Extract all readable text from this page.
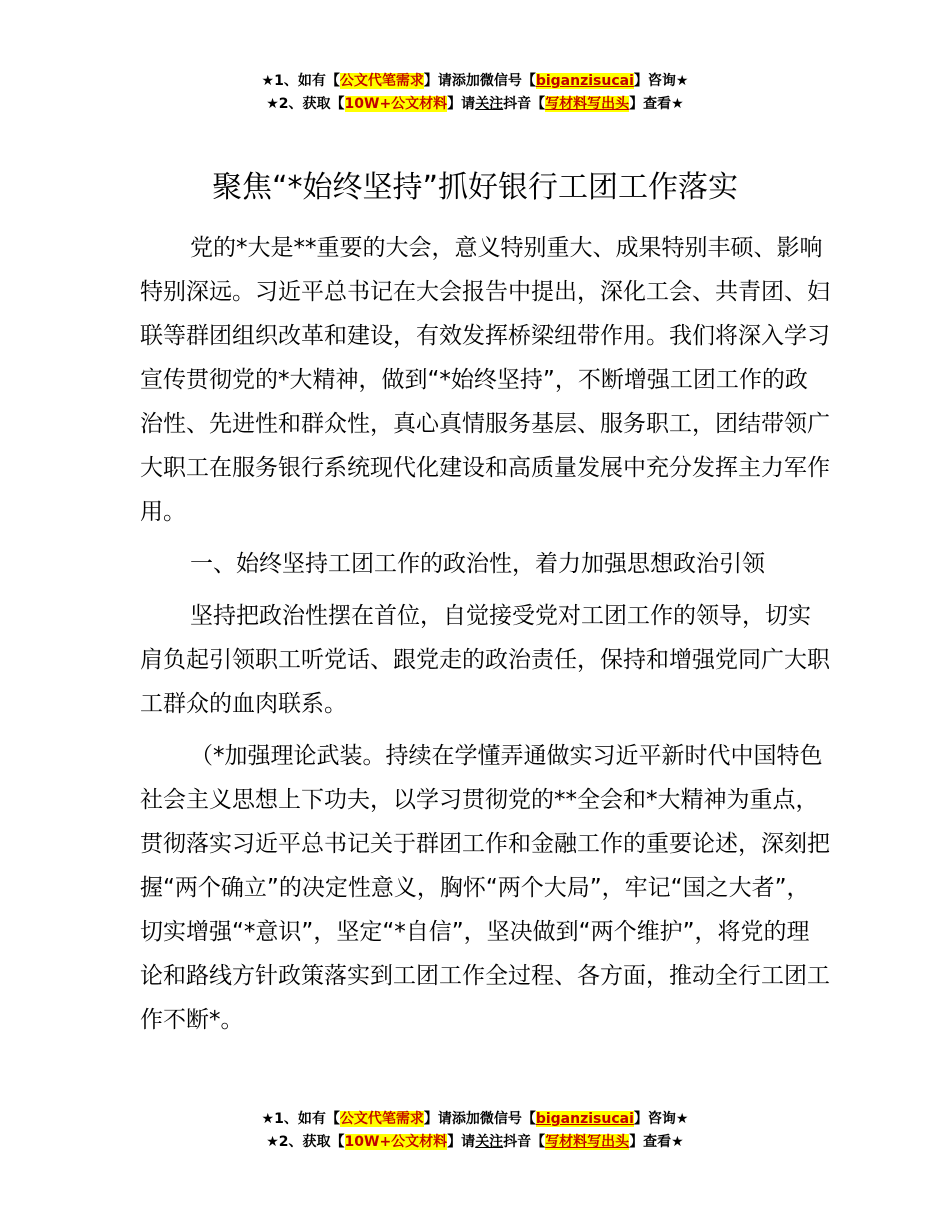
★1、如有【公文代笔需求】请添加微信号【biganzisucai】咨询★
★2、获取【10W+公文材料】请关注抖音【写材料写出头】查看★
聚焦“*始终坚持”抓好银行工团工作落实

党的*大是**重要的大会，意义特别重大、成果特别丰硕、影响特别深远。习近平总书记在大会报告中提出，深化工会、共青团、妇联等群团组织改革和建设，有效发挥桥梁纽带作用。我们将深入学习宣传贯彻党的*大精神，做到“*始终坚持”，不断增强工团工作的政治性、先进性和群众性，真心真情服务基层、服务职工，团结带领广大职工在服务银行系统现代化建设和高质量发展中充分发挥主力军作用。

一、始终坚持工团工作的政治性，着力加强思想政治引领

坚持把政治性摆在首位，自觉接受党对工团工作的领导，切实肩负起引领职工听党话、跟党走的政治责任，保持和增强党同广大职工群众的血肉联系。

（*加强理论武装。持续在学懂弄通做实习近平新时代中国特色社会主义思想上下功夫，以学习贯彻党的**全会和*大精神为重点，贯彻落实习近平总书记关于群团工作和金融工作的重要论述，深刻把握“两个确立”的决定性意义，胸怀“两个大局”，牢记“国之大者”，切实增强“*意识”，坚定“*自信”，坚决做到“两个维护”，将党的理论和路线方针政策落实到工团工作全过程、各方面，推动全行工团工作不断*。

★1、如有【公文代笔需求】请添加微信号【biganzisucai】咨询★
★2、获取【10W+公文材料】请关注抖音【写材料写出头】查看★
